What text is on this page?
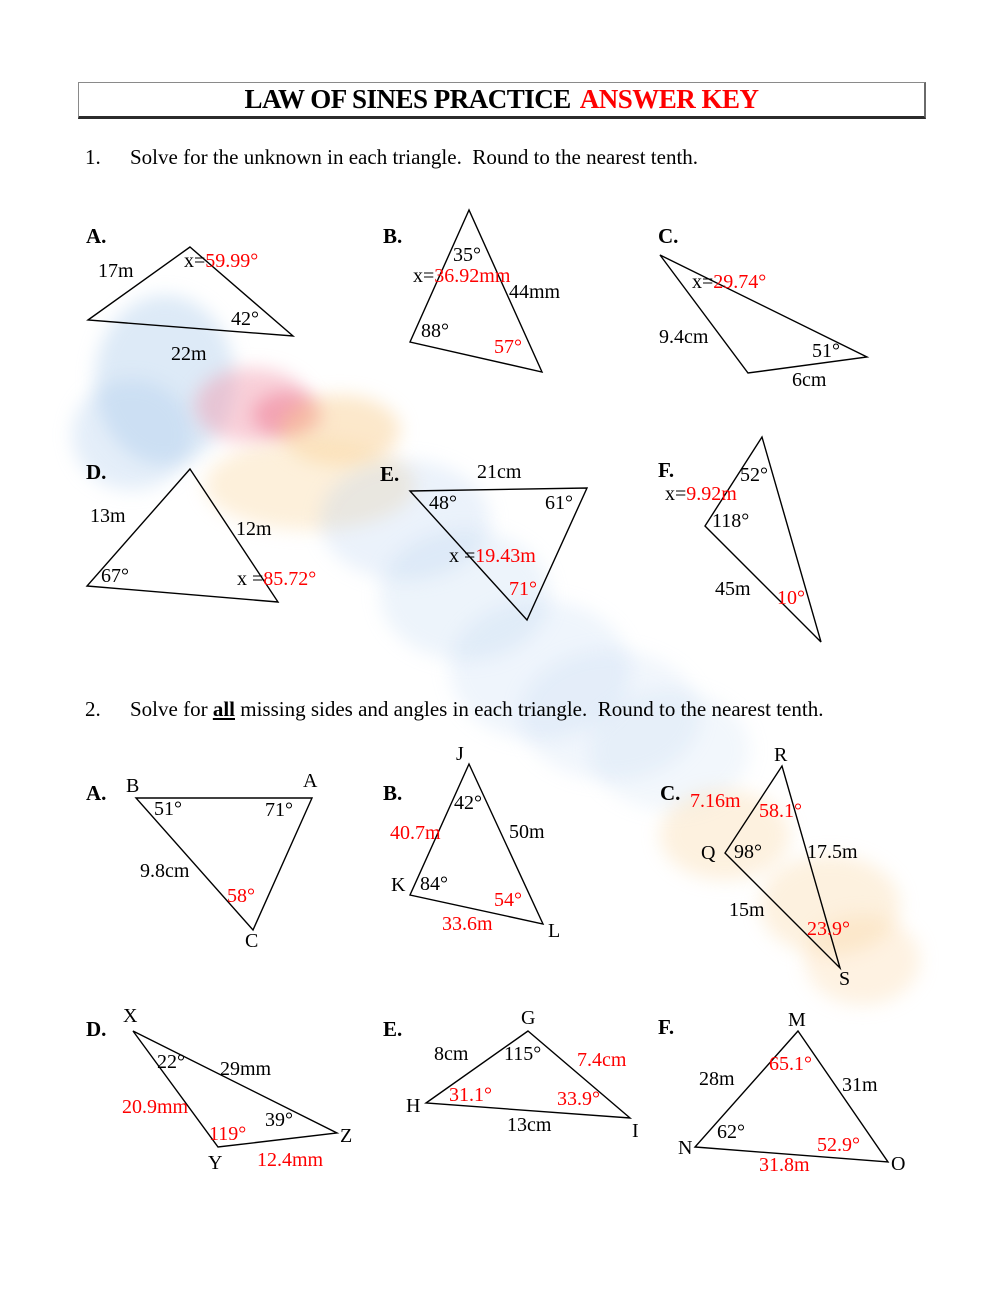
LAW OF SINES PRACTICE ANSWER KEY
1. Solve for the unknown in each triangle.  Round to the nearest tenth.
A.
17m	x=59.99°
42°
22m
B.
35°
x=36.92mm
44mm
88°
57°
C.
x=29.74°
9.4cm
51°
6cm
D.
13m
12m
67°	x =85.72°
E.	21cm
48°	61°
x =19.43m
71°
F.	52°
x=9.92m
118°
45m 10°
2. Solve for all missing sides and angles in each triangle.  Round to the nearest tenth.
A. B	A
51°	71°
9.8cm
58°
C
B.
J
42°
40.7m	50m
K 84°
54°
33.6m	L
C.
R
7.16m 58.1°
Q 98° 17.5m
15m
23.9°
S
D.
X
22° 29mm
20.9mm
119°
39°
Y 12.4mm
Z
E.	G
8cm 115° 7.4cm
H 31.1°	33.9°
13cm	I
F.	M
65.1°
28m	31m
62°
N	52.9°
31.8m	O
